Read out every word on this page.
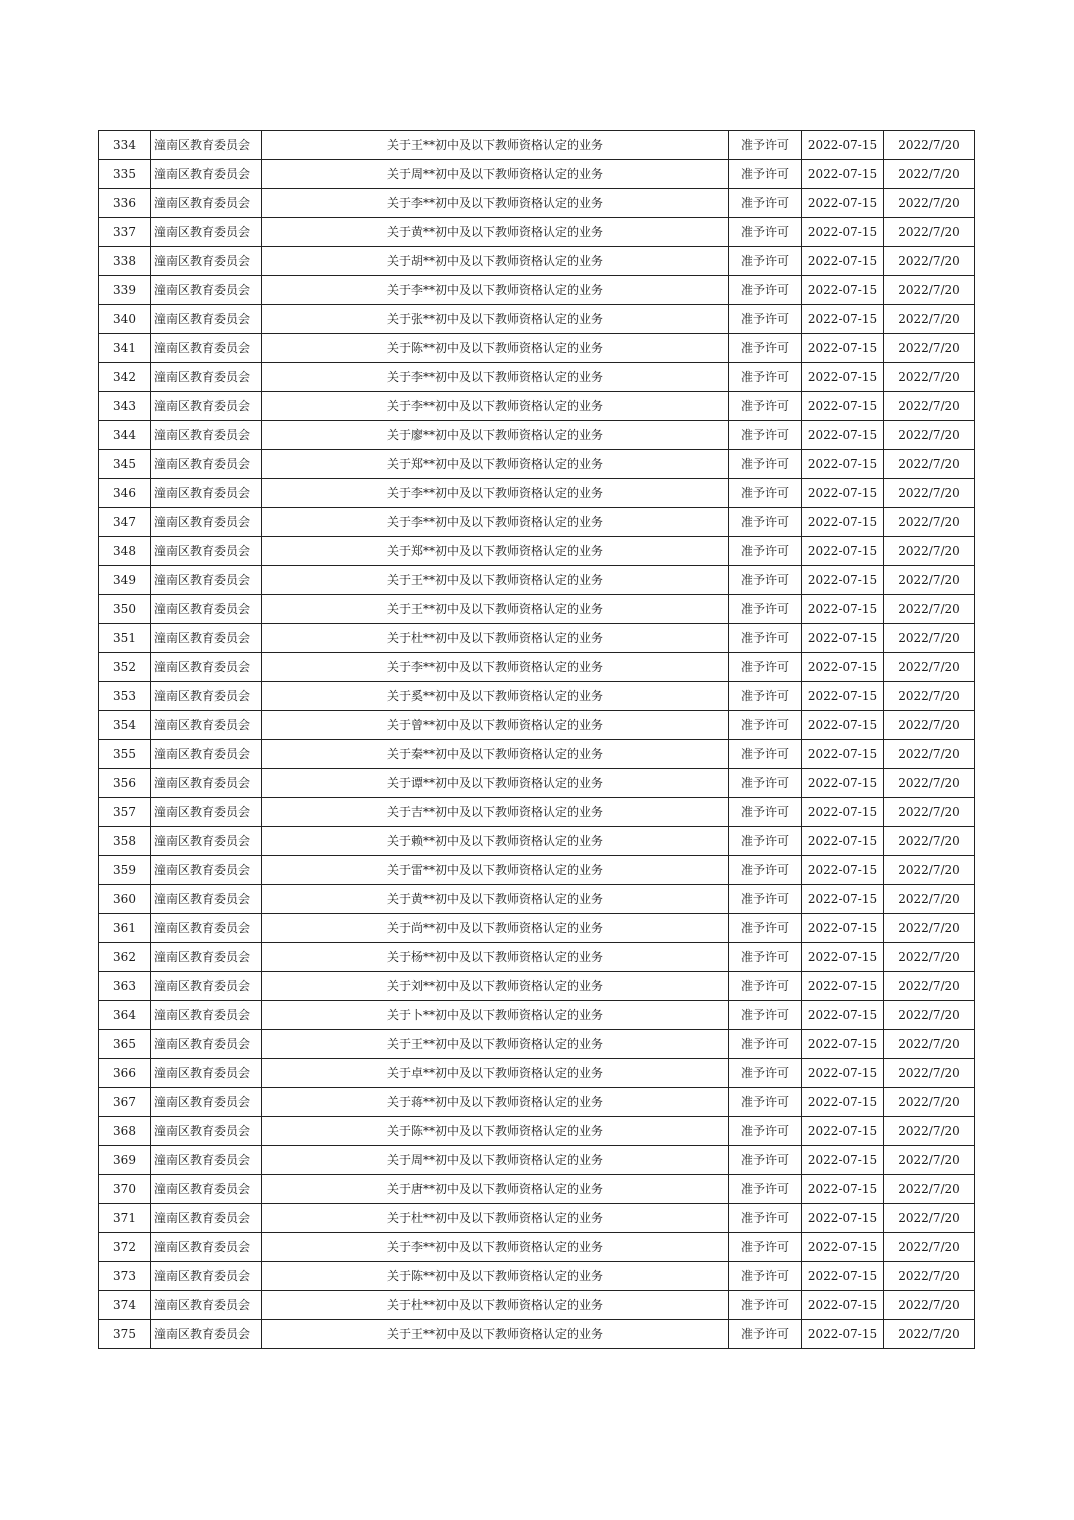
334	潼南区教育委员会	关于王**初中及以下教师资格认定的业务	准予许可	2022-07-15	2022/7/20
335	潼南区教育委员会	关于周**初中及以下教师资格认定的业务	准予许可	2022-07-15	2022/7/20
336	潼南区教育委员会	关于李**初中及以下教师资格认定的业务	准予许可	2022-07-15	2022/7/20
337	潼南区教育委员会	关于黄**初中及以下教师资格认定的业务	准予许可	2022-07-15	2022/7/20
338	潼南区教育委员会	关于胡**初中及以下教师资格认定的业务	准予许可	2022-07-15	2022/7/20
339	潼南区教育委员会	关于李**初中及以下教师资格认定的业务	准予许可	2022-07-15	2022/7/20
340	潼南区教育委员会	关于张**初中及以下教师资格认定的业务	准予许可	2022-07-15	2022/7/20
341	潼南区教育委员会	关于陈**初中及以下教师资格认定的业务	准予许可	2022-07-15	2022/7/20
342	潼南区教育委员会	关于李**初中及以下教师资格认定的业务	准予许可	2022-07-15	2022/7/20
343	潼南区教育委员会	关于李**初中及以下教师资格认定的业务	准予许可	2022-07-15	2022/7/20
344	潼南区教育委员会	关于廖**初中及以下教师资格认定的业务	准予许可	2022-07-15	2022/7/20
345	潼南区教育委员会	关于郑**初中及以下教师资格认定的业务	准予许可	2022-07-15	2022/7/20
346	潼南区教育委员会	关于李**初中及以下教师资格认定的业务	准予许可	2022-07-15	2022/7/20
347	潼南区教育委员会	关于李**初中及以下教师资格认定的业务	准予许可	2022-07-15	2022/7/20
348	潼南区教育委员会	关于郑**初中及以下教师资格认定的业务	准予许可	2022-07-15	2022/7/20
349	潼南区教育委员会	关于王**初中及以下教师资格认定的业务	准予许可	2022-07-15	2022/7/20
350	潼南区教育委员会	关于王**初中及以下教师资格认定的业务	准予许可	2022-07-15	2022/7/20
351	潼南区教育委员会	关于杜**初中及以下教师资格认定的业务	准予许可	2022-07-15	2022/7/20
352	潼南区教育委员会	关于李**初中及以下教师资格认定的业务	准予许可	2022-07-15	2022/7/20
353	潼南区教育委员会	关于奚**初中及以下教师资格认定的业务	准予许可	2022-07-15	2022/7/20
354	潼南区教育委员会	关于曾**初中及以下教师资格认定的业务	准予许可	2022-07-15	2022/7/20
355	潼南区教育委员会	关于秦**初中及以下教师资格认定的业务	准予许可	2022-07-15	2022/7/20
356	潼南区教育委员会	关于谭**初中及以下教师资格认定的业务	准予许可	2022-07-15	2022/7/20
357	潼南区教育委员会	关于吉**初中及以下教师资格认定的业务	准予许可	2022-07-15	2022/7/20
358	潼南区教育委员会	关于赖**初中及以下教师资格认定的业务	准予许可	2022-07-15	2022/7/20
359	潼南区教育委员会	关于雷**初中及以下教师资格认定的业务	准予许可	2022-07-15	2022/7/20
360	潼南区教育委员会	关于黄**初中及以下教师资格认定的业务	准予许可	2022-07-15	2022/7/20
361	潼南区教育委员会	关于尚**初中及以下教师资格认定的业务	准予许可	2022-07-15	2022/7/20
362	潼南区教育委员会	关于杨**初中及以下教师资格认定的业务	准予许可	2022-07-15	2022/7/20
363	潼南区教育委员会	关于刘**初中及以下教师资格认定的业务	准予许可	2022-07-15	2022/7/20
364	潼南区教育委员会	关于卜**初中及以下教师资格认定的业务	准予许可	2022-07-15	2022/7/20
365	潼南区教育委员会	关于王**初中及以下教师资格认定的业务	准予许可	2022-07-15	2022/7/20
366	潼南区教育委员会	关于卓**初中及以下教师资格认定的业务	准予许可	2022-07-15	2022/7/20
367	潼南区教育委员会	关于蒋**初中及以下教师资格认定的业务	准予许可	2022-07-15	2022/7/20
368	潼南区教育委员会	关于陈**初中及以下教师资格认定的业务	准予许可	2022-07-15	2022/7/20
369	潼南区教育委员会	关于周**初中及以下教师资格认定的业务	准予许可	2022-07-15	2022/7/20
370	潼南区教育委员会	关于唐**初中及以下教师资格认定的业务	准予许可	2022-07-15	2022/7/20
371	潼南区教育委员会	关于杜**初中及以下教师资格认定的业务	准予许可	2022-07-15	2022/7/20
372	潼南区教育委员会	关于李**初中及以下教师资格认定的业务	准予许可	2022-07-15	2022/7/20
373	潼南区教育委员会	关于陈**初中及以下教师资格认定的业务	准予许可	2022-07-15	2022/7/20
374	潼南区教育委员会	关于杜**初中及以下教师资格认定的业务	准予许可	2022-07-15	2022/7/20
375	潼南区教育委员会	关于王**初中及以下教师资格认定的业务	准予许可	2022-07-15	2022/7/20
